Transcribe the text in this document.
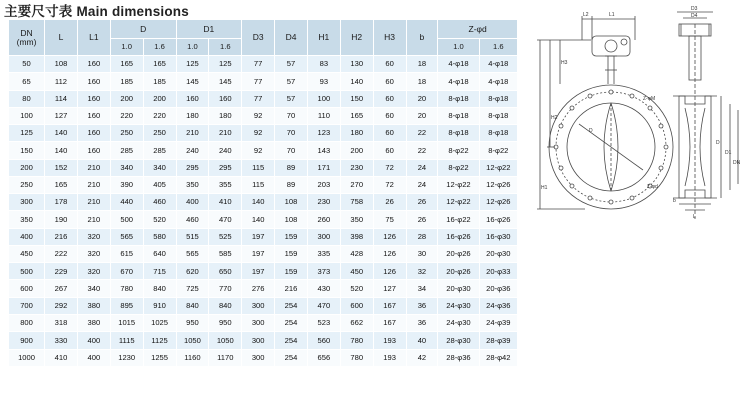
主要尺寸表 Main dimensions
DN
(mm)	L	L1	D		D1		D3	D4	H1	H2	H3	b	Z-φd	
			1.0	1.6	1.0	1.6							1.0	1.6
50	108	160	165	165	125	125	77	57	83	130	60	18	4-φ18	4-φ18
65	112	160	185	185	145	145	77	57	93	140	60	18	4-φ18	4-φ18
80	114	160	200	200	160	160	77	57	100	150	60	20	8-φ18	8-φ18
100	127	160	220	220	180	180	92	70	110	165	60	20	8-φ18	8-φ18
125	140	160	250	250	210	210	92	70	123	180	60	22	8-φ18	8-φ18
150	140	160	285	285	240	240	92	70	143	200	60	22	8-φ22	8-φ22
200	152	210	340	340	295	295	115	89	171	230	72	24	8-φ22	12-φ22
250	165	210	390	405	350	355	115	89	203	270	72	24	12-φ22	12-φ26
300	178	210	440	460	400	410	140	108	230	758	26	26	12-φ22	12-φ26
350	190	210	500	520	460	470	140	108	260	350	75	26	16-φ22	16-φ26
400	216	320	565	580	515	525	197	159	300	398	126	28	16-φ26	16-φ30
450	222	320	615	640	565	585	197	159	335	428	126	30	20-φ26	20-φ30
500	229	320	670	715	620	650	197	159	373	450	126	32	20-φ26	20-φ33
600	267	340	780	840	725	770	276	216	430	520	127	34	20-φ30	20-φ36
700	292	380	895	910	840	840	300	254	470	600	167	36	24-φ30	24-φ36
800	318	380	1015	1025	950	950	300	254	523	662	167	36	24-φ30	24-φ39
900	330	400	1115	1125	1050	1050	300	254	560	780	193	40	28-φ30	28-φ39
1000	410	400	1230	1255	1160	1170	300	254	656	780	193	42	28-φ36	28-φ42
L2	L1
D3
D4
H3
H2
H1
Z-φM
Z-φd
D
D
D1
DN
b
L
